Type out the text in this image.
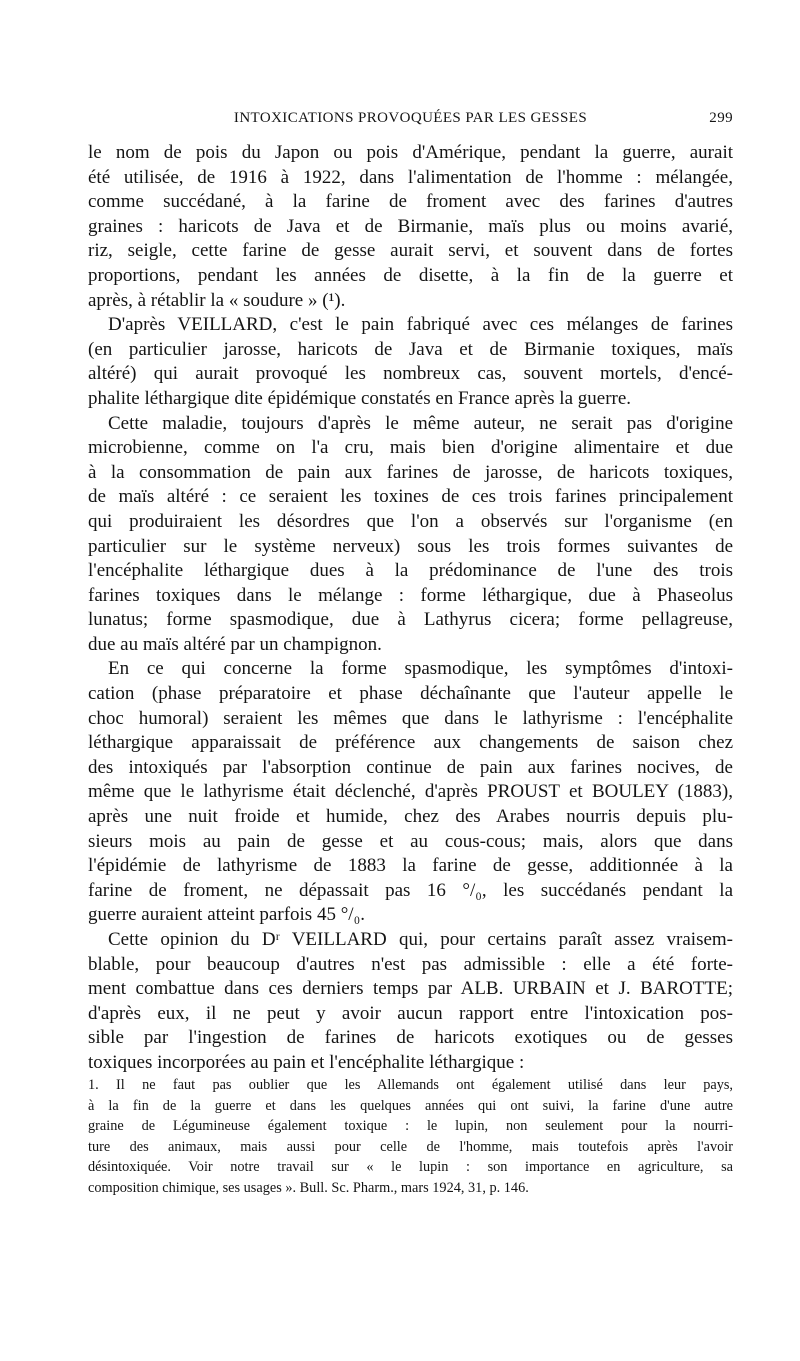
INTOXICATIONS PROVOQUÉES PAR LES GESSES	299

le nom de pois du Japon ou pois d'Amérique, pendant la guerre, aurait
été utilisée, de 1916 à 1922, dans l'alimentation de l'homme : mélangée,
comme succédané, à la farine de froment avec des farines d'autres
graines : haricots de Java et de Birmanie, maïs plus ou moins avarié,
riz, seigle, cette farine de gesse aurait servi, et souvent dans de fortes
proportions, pendant les années de disette, à la fin de la guerre et
après, à rétablir la « soudure » (¹).

D'après VEILLARD, c'est le pain fabriqué avec ces mélanges de farines
(en particulier jarosse, haricots de Java et de Birmanie toxiques, maïs
altéré) qui aurait provoqué les nombreux cas, souvent mortels, d'encé-
phalite léthargique dite épidémique constatés en France après la guerre.

Cette maladie, toujours d'après le même auteur, ne serait pas d'origine
microbienne, comme on l'a cru, mais bien d'origine alimentaire et due
à la consommation de pain aux farines de jarosse, de haricots toxiques,
de maïs altéré : ce seraient les toxines de ces trois farines principalement
qui produiraient les désordres que l'on a observés sur l'organisme (en
particulier sur le système nerveux) sous les trois formes suivantes de
l'encéphalite léthargique dues à la prédominance de l'une des trois
farines toxiques dans le mélange : forme léthargique, due à Phaseolus
lunatus; forme spasmodique, due à Lathyrus cicera; forme pellagreuse,
due au maïs altéré par un champignon.

En ce qui concerne la forme spasmodique, les symptômes d'intoxi-
cation (phase préparatoire et phase déchaînante que l'auteur appelle le
choc humoral) seraient les mêmes que dans le lathyrisme : l'encéphalite
léthargique apparaissait de préférence aux changements de saison chez
des intoxiqués par l'absorption continue de pain aux farines nocives, de
même que le lathyrisme était déclenché, d'après PROUST et BOULEY (1883),
après une nuit froide et humide, chez des Arabes nourris depuis plu-
sieurs mois au pain de gesse et au cous-cous; mais, alors que dans
l'épidémie de lathyrisme de 1883 la farine de gesse, additionnée à la
farine de froment, ne dépassait pas 16 °/₀, les succédanés pendant la
guerre auraient atteint parfois 45 °/₀.

Cette opinion du Dʳ VEILLARD qui, pour certains paraît assez vraisem-
blable, pour beaucoup d'autres n'est pas admissible : elle a été forte-
ment combattue dans ces derniers temps par ALB. URBAIN et J. BAROTTE;
d'après eux, il ne peut y avoir aucun rapport entre l'intoxication pos-
sible par l'ingestion de farines de haricots exotiques ou de gesses
toxiques incorporées au pain et l'encéphalite léthargique :

1. Il ne faut pas oublier que les Allemands ont également utilisé dans leur pays,
à la fin de la guerre et dans les quelques années qui ont suivi, la farine d'une autre
graine de Légumineuse également toxique : le lupin, non seulement pour la nourri-
ture des animaux, mais aussi pour celle de l'homme, mais toutefois après l'avoir
désintoxiquée. Voir notre travail sur « le lupin : son importance en agriculture, sa
composition chimique, ses usages ». Bull. Sc. Pharm., mars 1924, 31, p. 146.
